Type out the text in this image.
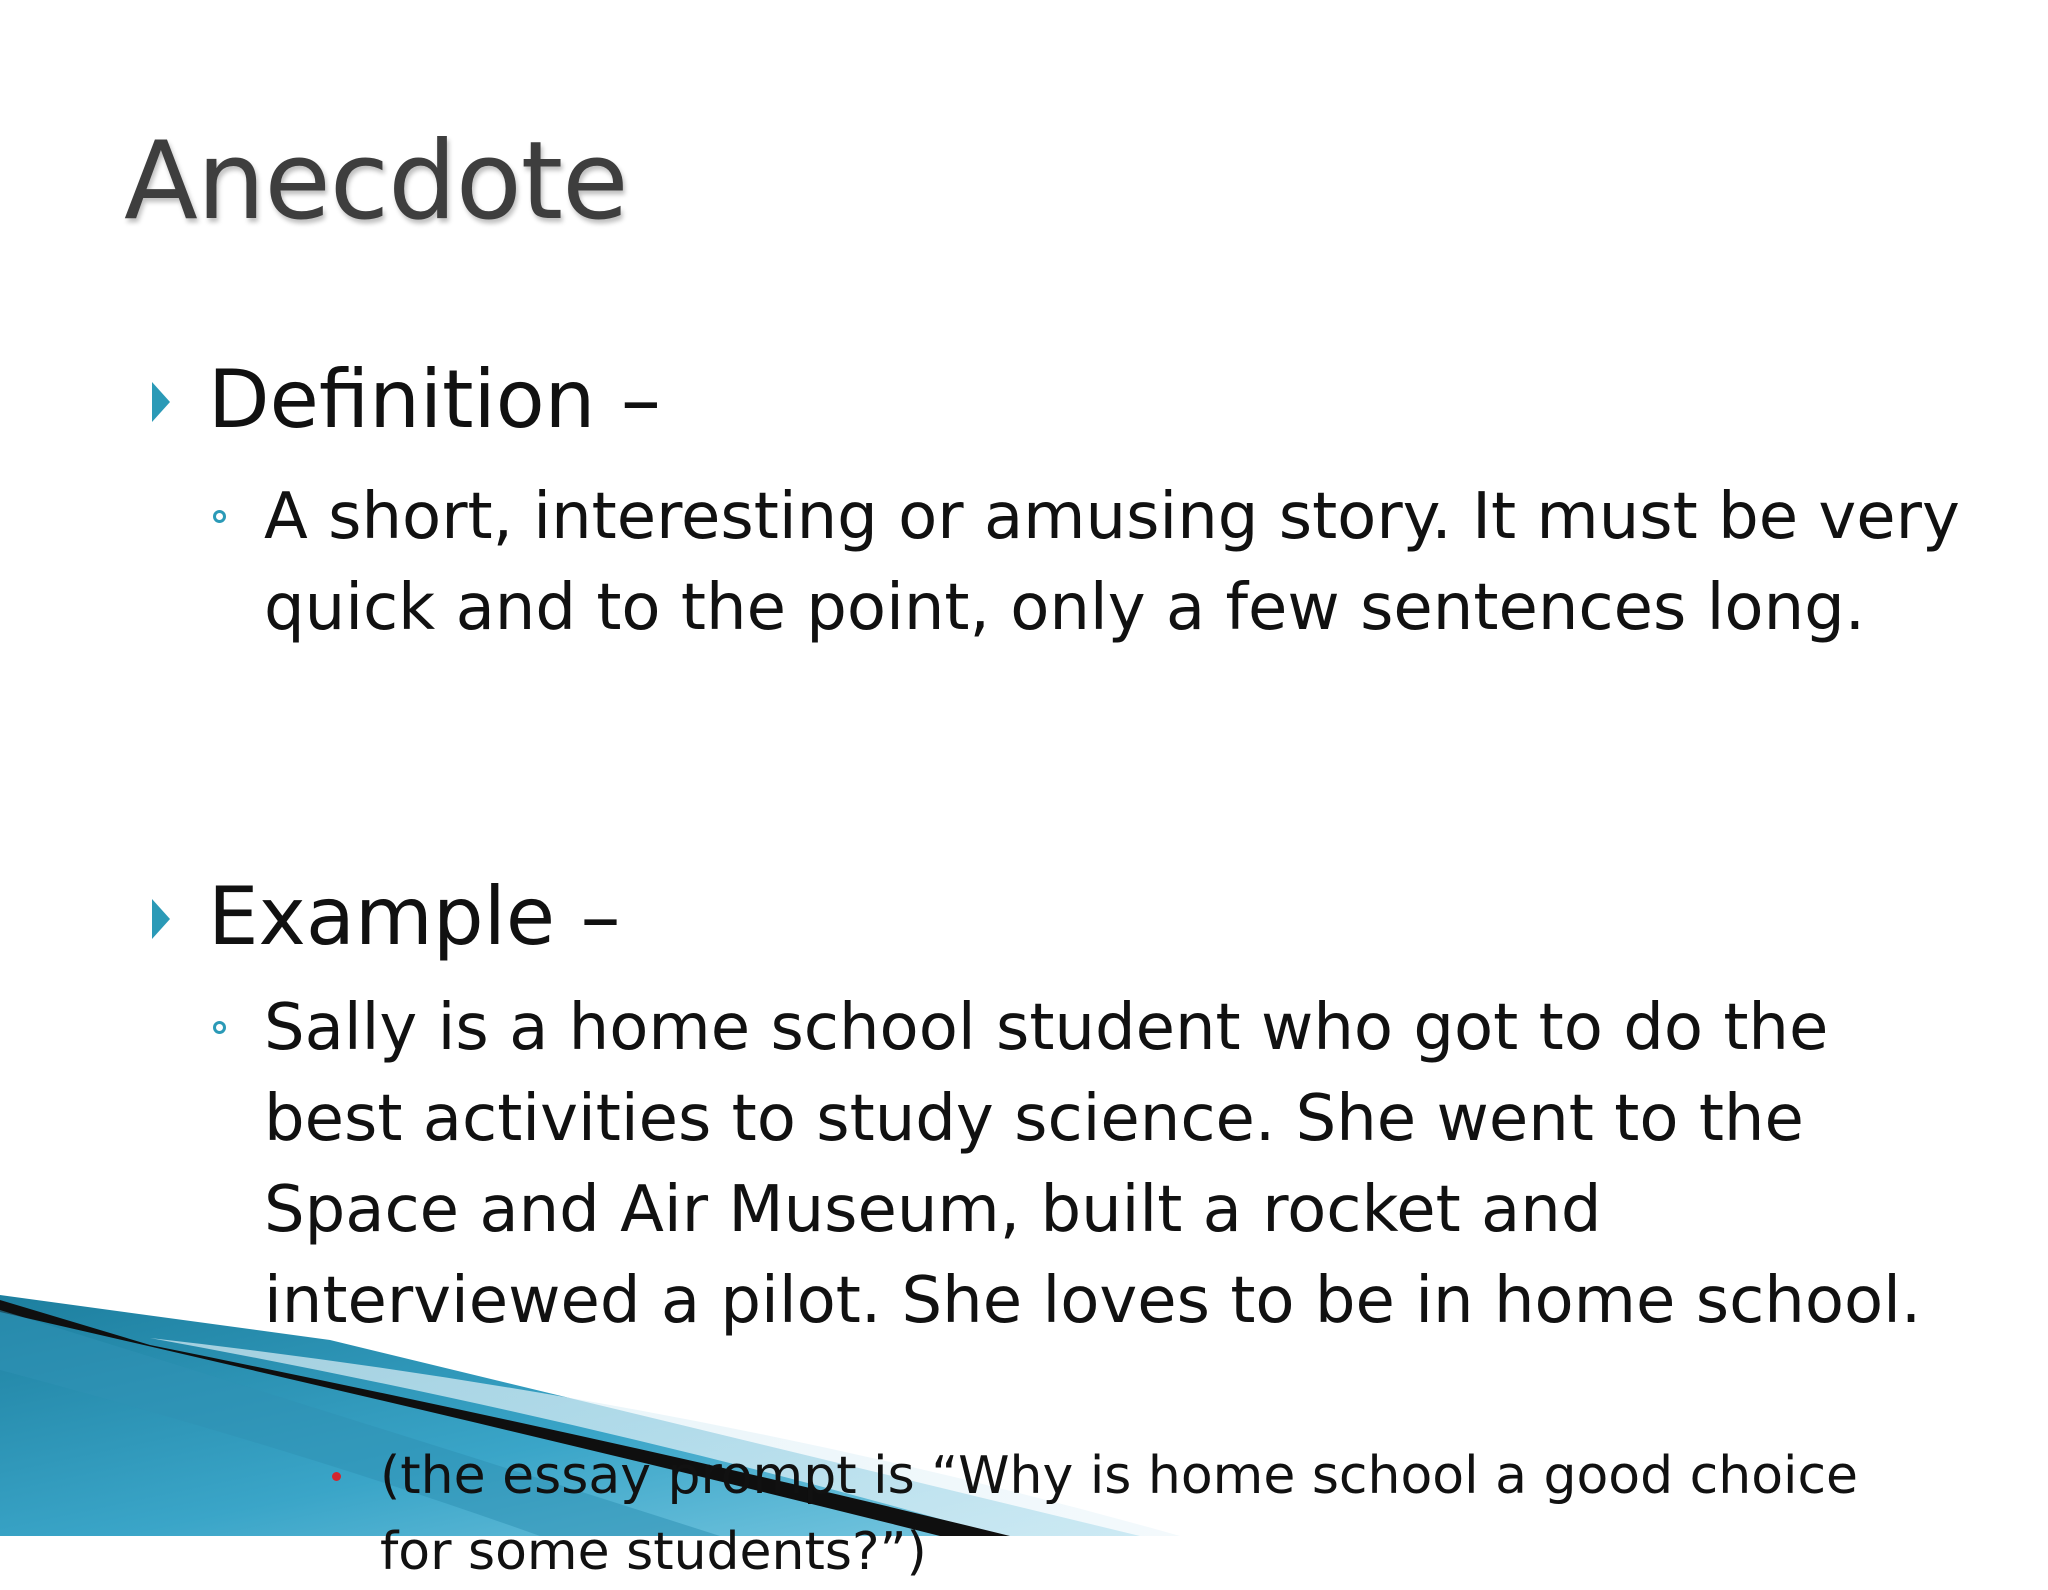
Anecdote
Definition –
A short, interesting or amusing story. It must be very quick and to the point, only a few sentences long.
Example –
Sally is a home school student who got to do the best activities to study science. She went to the Space and Air Museum, built a rocket and interviewed a pilot. She loves to be in home school.
(the essay prompt is “Why is home school a good choice for some students?”)
